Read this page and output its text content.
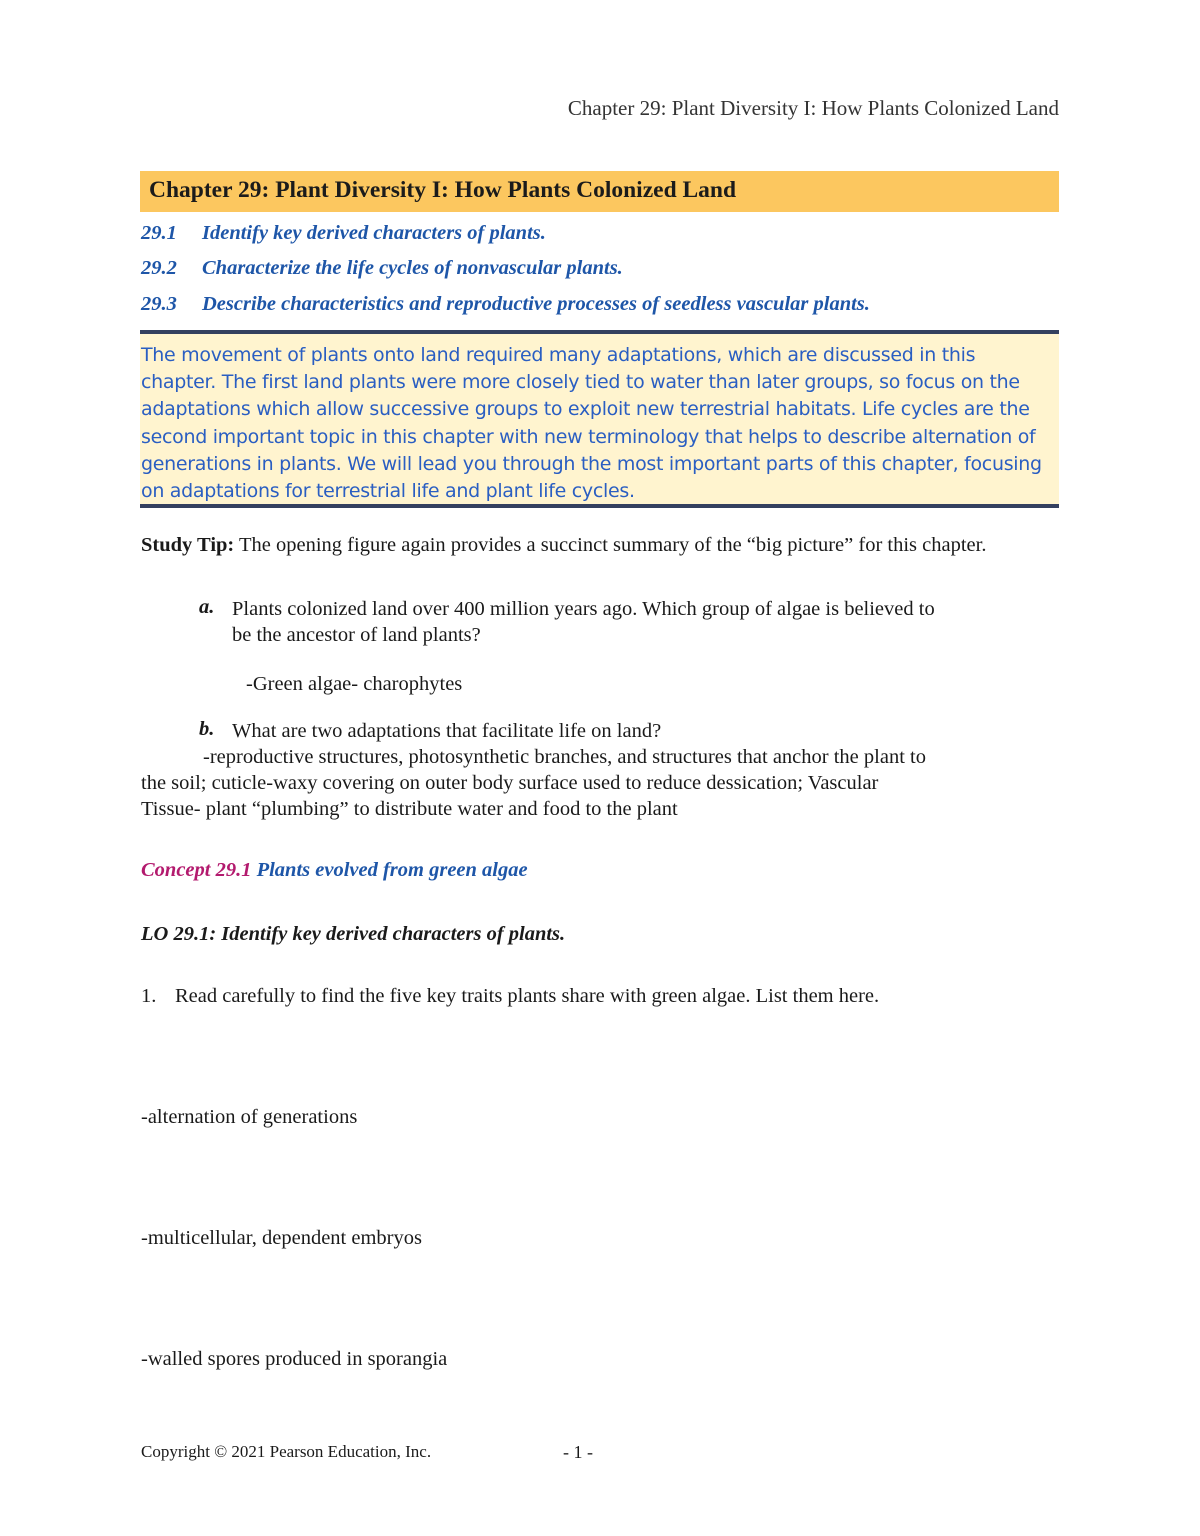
Chapter 29: Plant Diversity I: How Plants Colonized Land
Chapter 29: Plant Diversity I: How Plants Colonized Land
29.1 Identify key derived characters of plants.
29.2 Characterize the life cycles of nonvascular plants.
29.3 Describe characteristics and reproductive processes of seedless vascular plants.

The movement of plants onto land required many adaptations, which are discussed in this
chapter. The first land plants were more closely tied to water than later groups, so focus on the
adaptations which allow successive groups to exploit new terrestrial habitats. Life cycles are the
second important topic in this chapter with new terminology that helps to describe alternation of
generations in plants. We will lead you through the most important parts of this chapter, focusing
on adaptations for terrestrial life and plant life cycles.

Study Tip: The opening figure again provides a succinct summary of the “big picture” for this chapter.
a. Plants colonized land over 400 million years ago. Which group of algae is believed to
be the ancestor of land plants?
-Green algae- charophytes
b. What are two adaptations that facilitate life on land?
-reproductive structures, photosynthetic branches, and structures that anchor the plant to
the soil; cuticle-waxy covering on outer body surface used to reduce dessication; Vascular
Tissue- plant “plumbing” to distribute water and food to the plant
Concept 29.1 Plants evolved from green algae
LO 29.1: Identify key derived characters of plants.
1. Read carefully to find the five key traits plants share with green algae. List them here.
-alternation of generations
-multicellular, dependent embryos
-walled spores produced in sporangia
Copyright © 2021 Pearson Education, Inc.	- 1 -
